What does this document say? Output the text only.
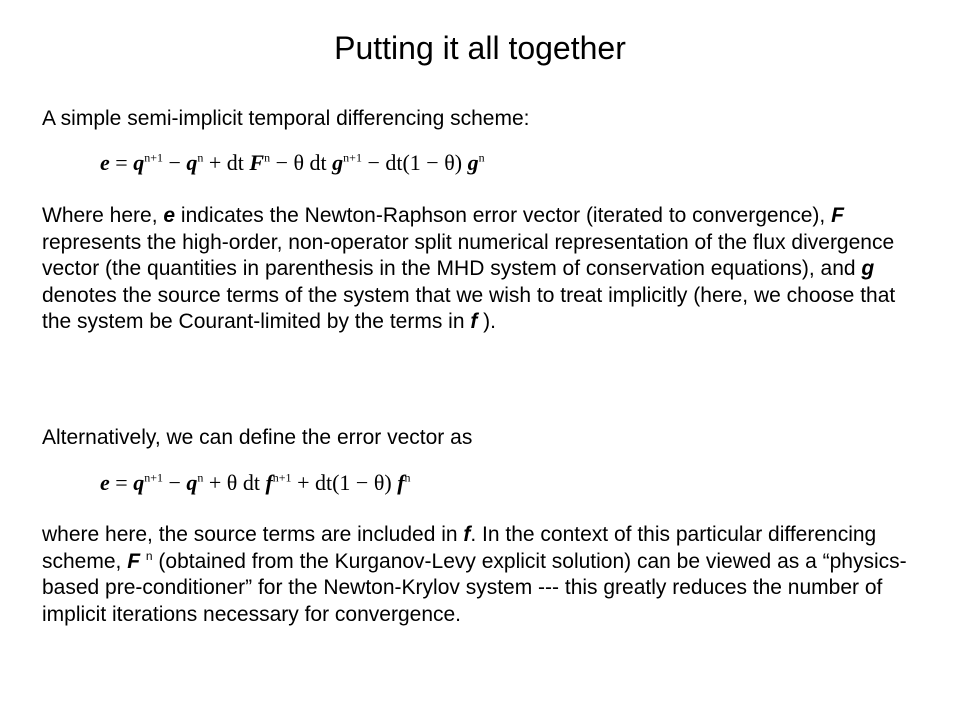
Putting it all together
A simple semi-implicit temporal differencing scheme:
$e = q^{n+1} - q^n$ + dt $F^n - \theta$ dt $g^{n+1} - dt(1 - \theta)$ $g^n$
Where here, e indicates the Newton-Raphson error vector (iterated to convergence), F represents the high-order, non-operator split numerical representation of the flux divergence vector (the quantities in parenthesis in the MHD system of conservation equations), and g denotes the source terms of the system that we wish to treat implicitly (here, we choose that the system be Courant-limited by the terms in f ).
Alternatively, we can define the error vector as
$e = q^{n+1} - q^n + \theta$ dt $f^{n+1} + dt(1 - \theta)$ $f^n$
where here, the source terms are included in f. In the context of this particular differencing scheme, F $^n$ (obtained from the Kurganov-Levy explicit solution) can be viewed as a “physics-based pre-conditioner” for the Newton-Krylov system --- this greatly reduces the number of implicit iterations necessary for convergence.
